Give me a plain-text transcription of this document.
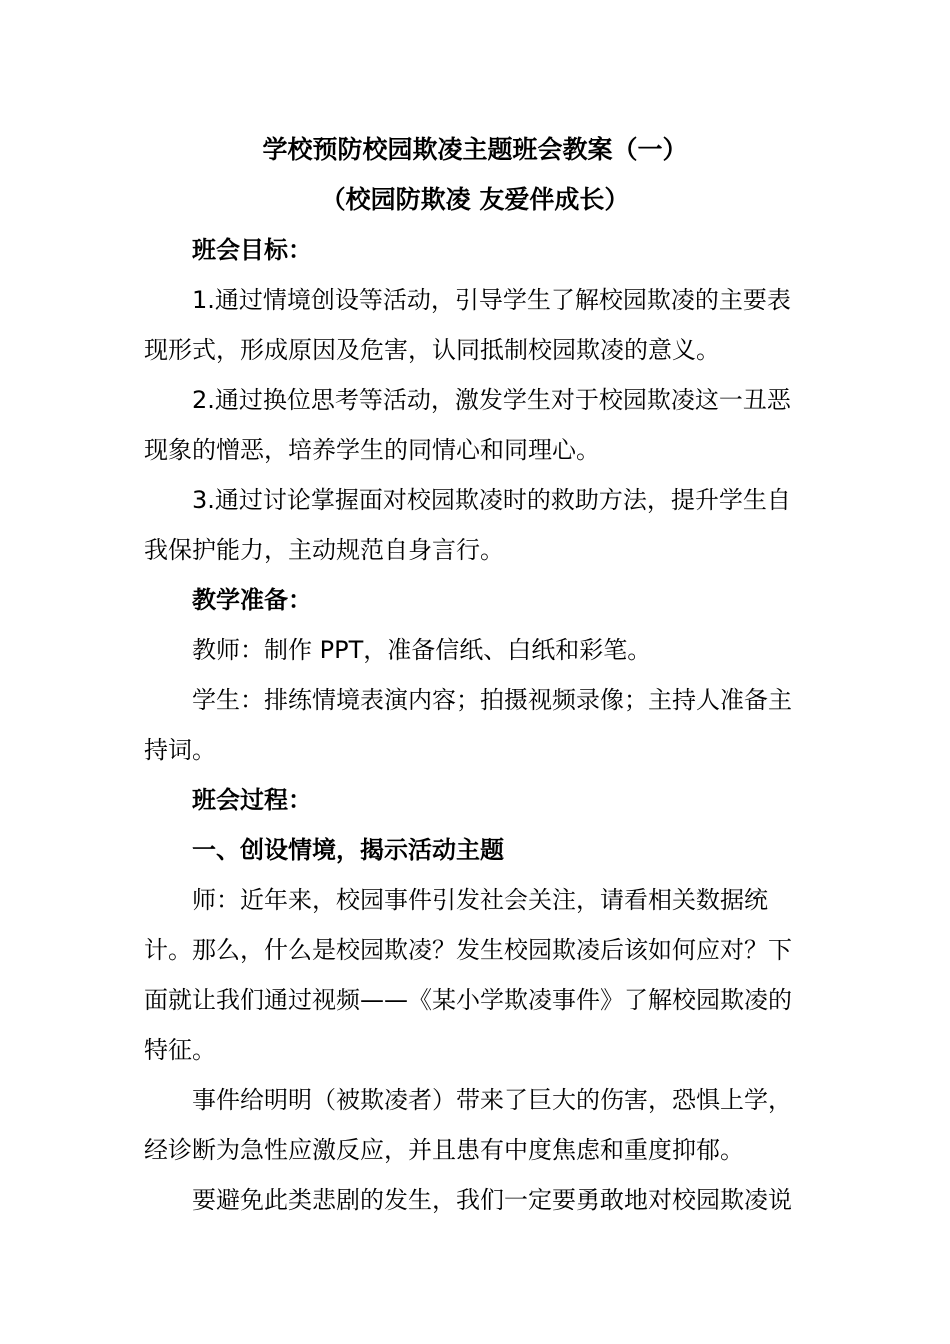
学校预防校园欺凌主题班会教案（一）
（校园防欺凌 友爱伴成长）
班会目标：
1.通过情境创设等活动，引导学生了解校园欺凌的主要表
现形式，形成原因及危害，认同抵制校园欺凌的意义。
2.通过换位思考等活动，激发学生对于校园欺凌这一丑恶
现象的憎恶，培养学生的同情心和同理心。
3.通过讨论掌握面对校园欺凌时的救助方法，提升学生自
我保护能力，主动规范自身言行。
教学准备：
教师：制作 PPT，准备信纸、白纸和彩笔。
学生：排练情境表演内容；拍摄视频录像；主持人准备主
持词。
班会过程：
一、创设情境，揭示活动主题
师：近年来，校园事件引发社会关注，请看相关数据统
计。那么，什么是校园欺凌？发生校园欺凌后该如何应对？下
面就让我们通过视频——《某小学欺凌事件》了解校园欺凌的
特征。
事件给明明（被欺凌者）带来了巨大的伤害，恐惧上学，
经诊断为急性应激反应，并且患有中度焦虑和重度抑郁。
要避免此类悲剧的发生，我们一定要勇敢地对校园欺凌说
